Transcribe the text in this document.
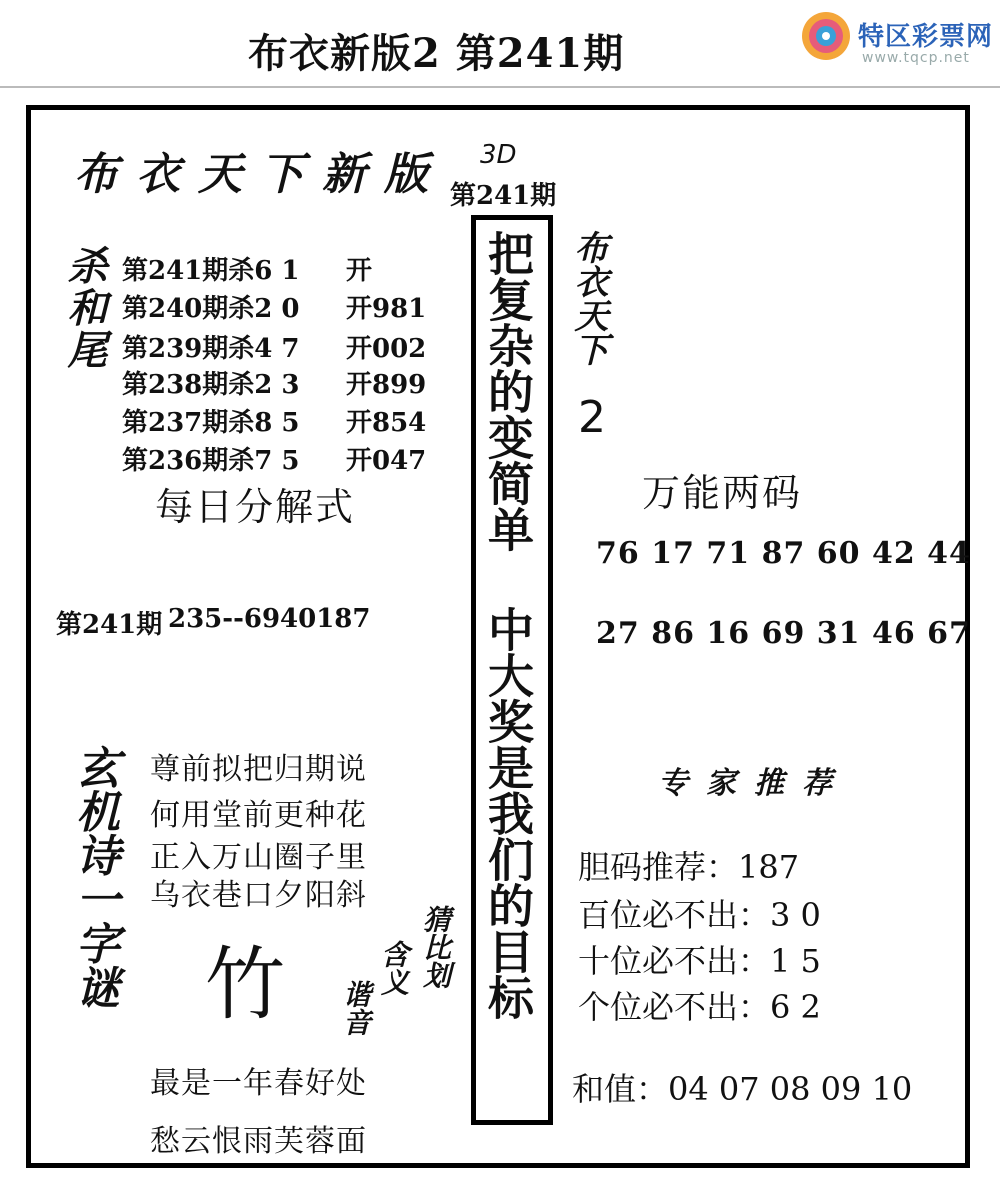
布衣新版2 第241期	特区彩票网
www.tqcp.net
布衣天下新版 3D
第241期
杀和尾 第241期杀6 1 开
第240期杀2 0 开981
第239期杀4 7 开002
第238期杀2 3 开899
第237期杀8 5 开854
第236期杀7 5 开047
每日分解式
第241期 235--6940187 把复杂的变简单 中大奖是我们的目标 布衣天下
2
万能两码
76 17 71 87 60 42 44
27 86 16 69 31 46 67
专家推荐
胆码推荐：187
百位必不出：3 0
十位必不出：1 5
个位必不出：6 2
和值：04 07 08 09 10
玄机诗一字谜 尊前拟把归期说
何用堂前更种花
正入万山圈子里
乌衣巷口夕阳斜
竹 谐音
含义 猜比划
最是一年春好处
愁云恨雨芙蓉面
